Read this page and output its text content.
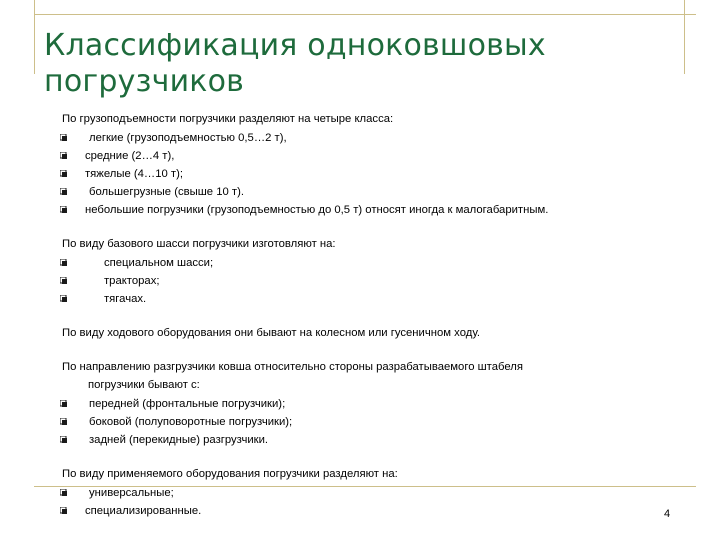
Классификация одноковшовых
погрузчиков
По грузоподъемности погрузчики разделяют на четыре класса:
легкие (грузоподъемностью 0,5…2 т),
средние (2…4 т),
тяжелые (4…10 т);
большегрузные (свыше 10 т).
небольшие погрузчики (грузоподъемностью до 0,5 т) относят иногда к малогабаритным.
По виду базового шасси погрузчики изготовляют на:
специальном шасси;
тракторах;
тягачах.
По виду ходового оборудования они бывают на колесном или гусеничном ходу.
По направлению разгрузчики ковша относительно стороны разрабатываемого штабеля
погрузчики бывают с:
передней (фронтальные погрузчики);
боковой (полуповоротные погрузчики);
задней (перекидные) разгрузчики.
По виду применяемого оборудования погрузчики разделяют на:
универсальные;
специализированные.	4
